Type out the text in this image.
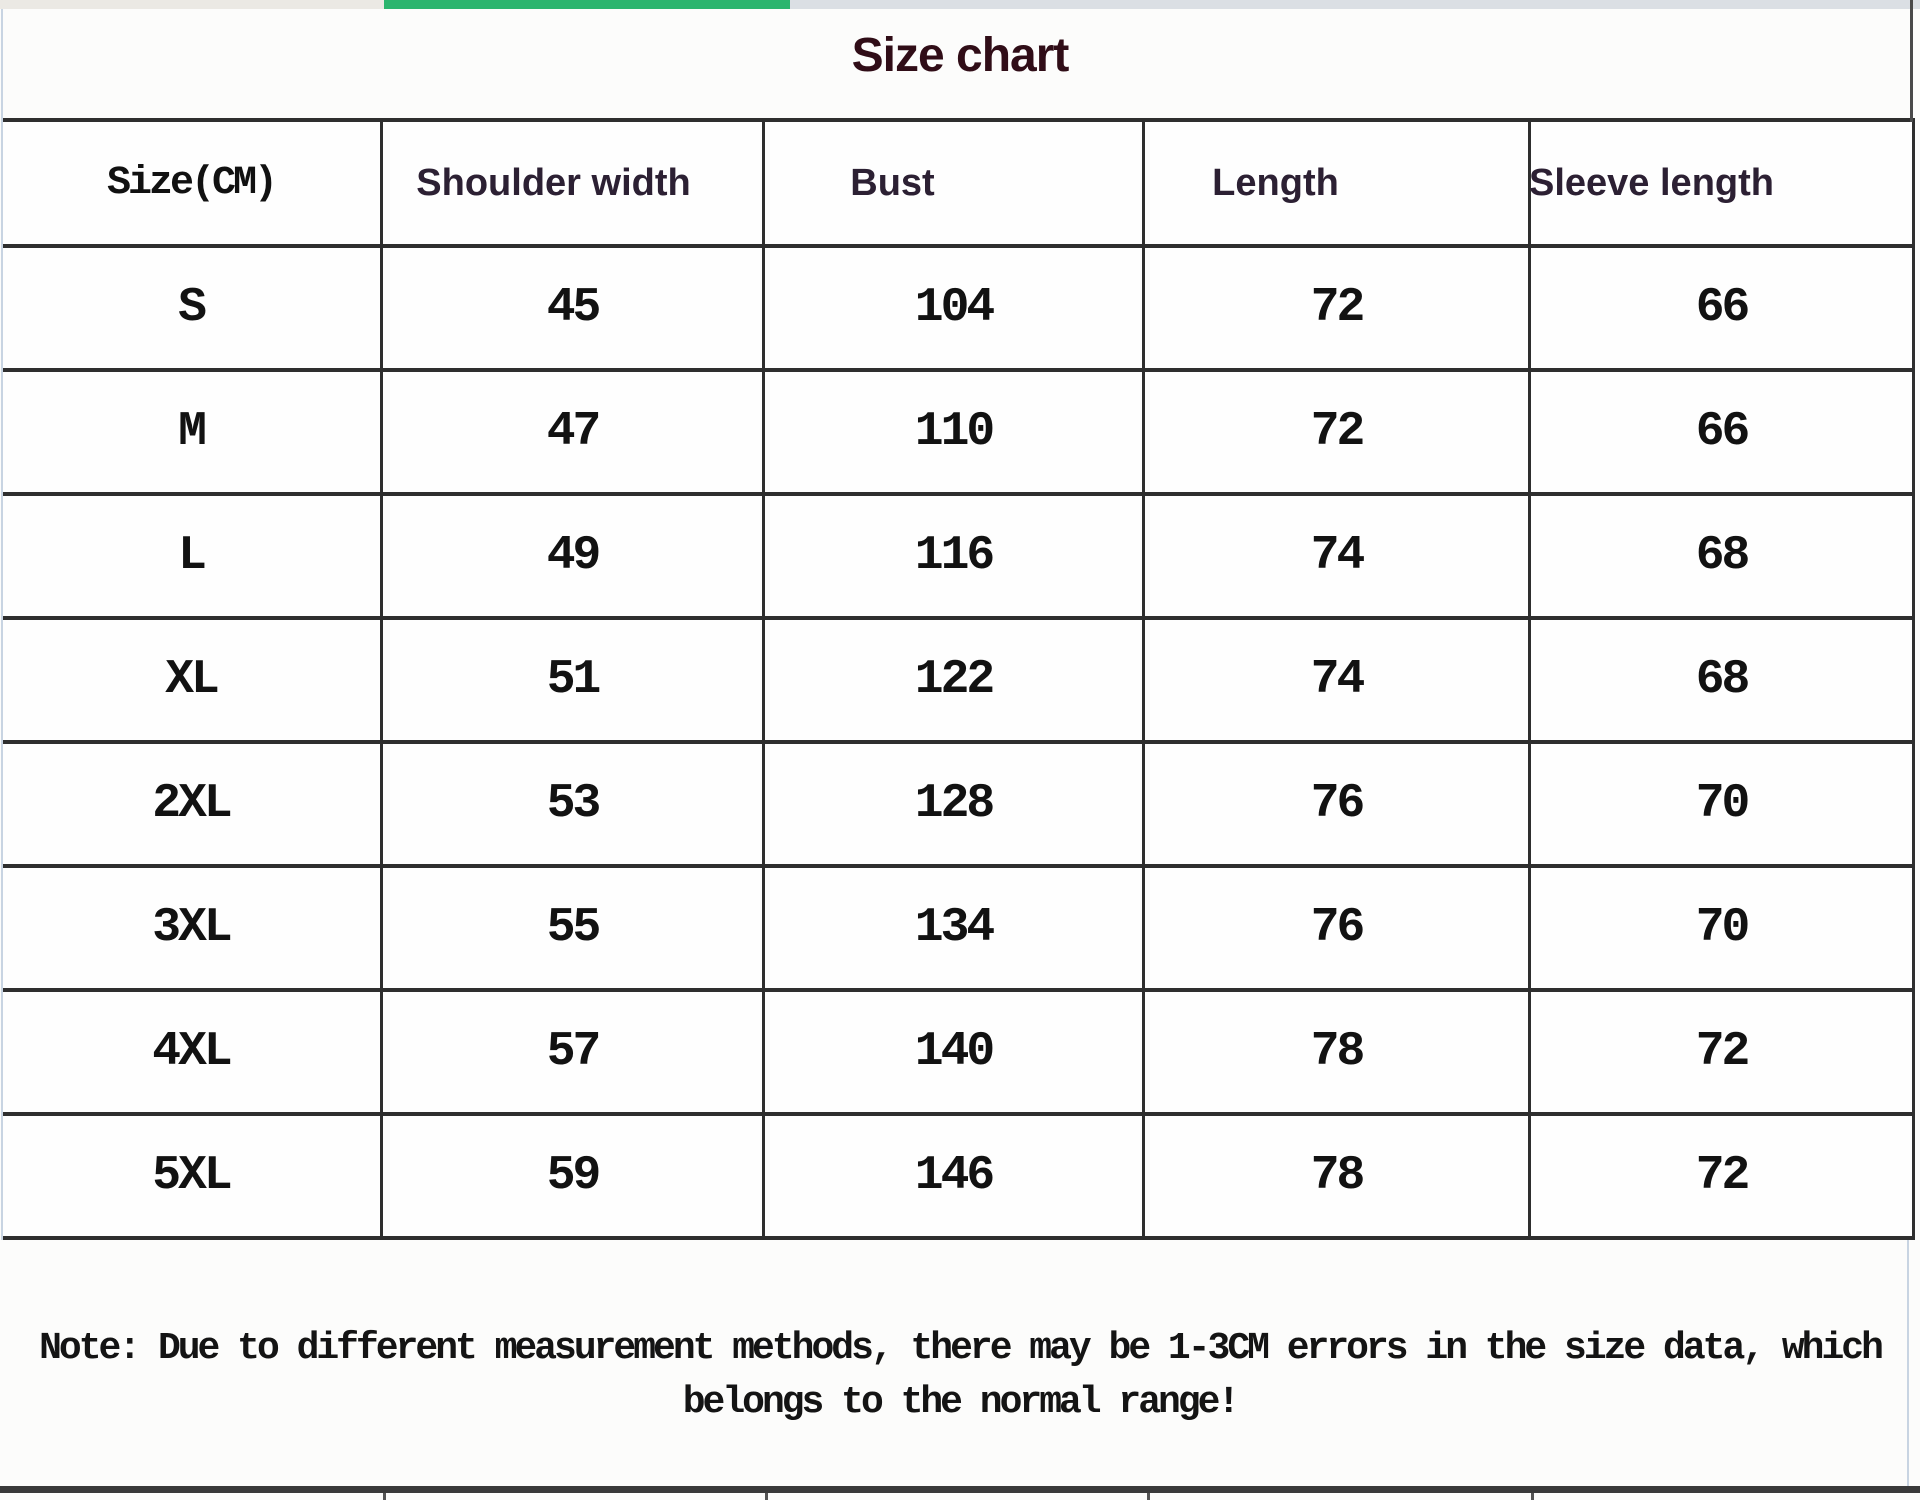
Size chart
Size(CM)	Shoulder width	Bust	Length	Sleeve length
S	45	104	72	66
M	47	110	72	66
L	49	116	74	68
XL	51	122	74	68
2XL	53	128	76	70
3XL	55	134	76	70
4XL	57	140	78	72
5XL	59	146	78	72
Note: Due to different measurement methods, there may be 1-3CM errors in the size data, which
belongs to the normal range!
